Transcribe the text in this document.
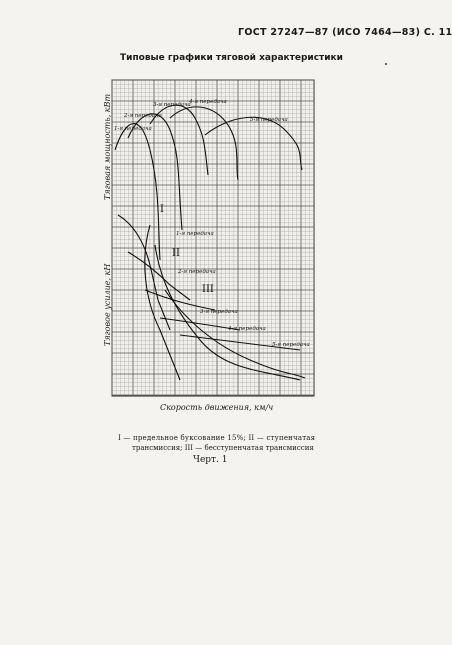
ГОСТ 27247—87 (ИСО 7464—83) С. 11
Типовые графики тяговой характеристики
1-я передача
2-я передача
3-я передача
4-я передача
5-я передача
1-я передача
2-я передача
3-я передача
4-я передача
5-я передача
I
II
III
Тяговая мощность, кВт
Тяговое усилие, кН
Скорость движения, км/ч
I — предельное буксование 15%; II — ступенчатая
трансмиссия; III — бесступенчатая трансмиссия
Черт. 1
